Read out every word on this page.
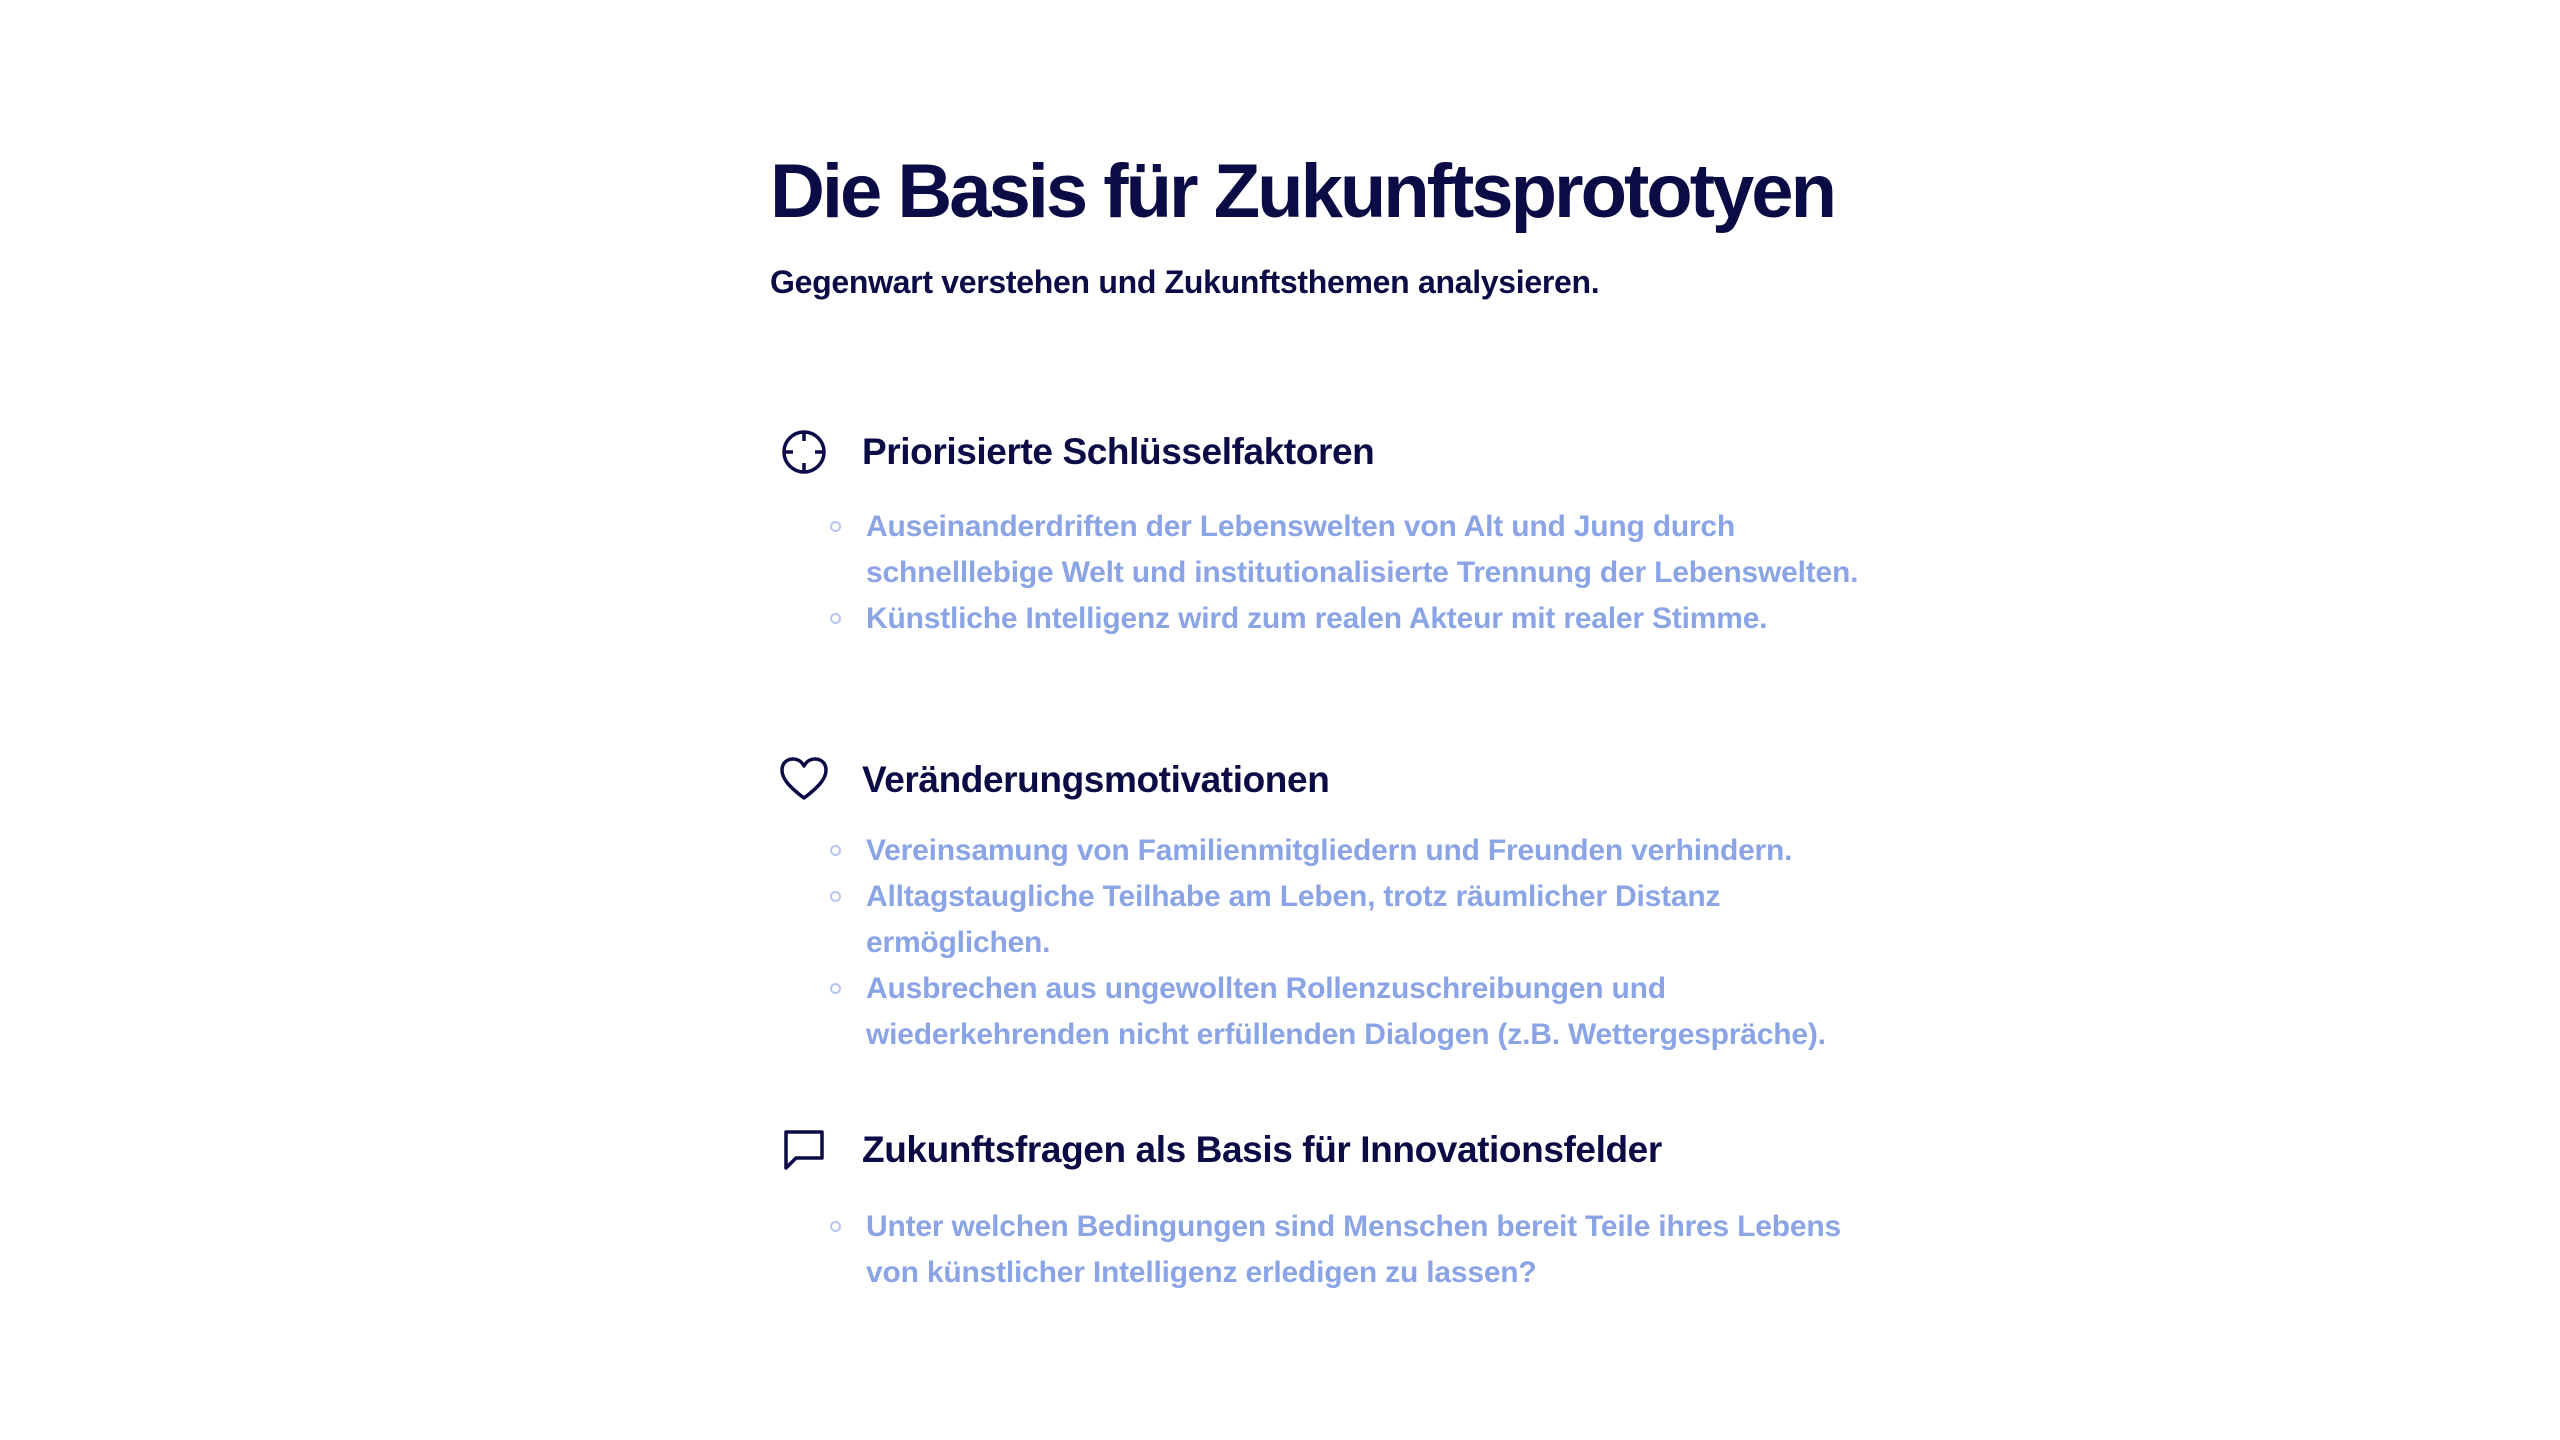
Die Basis für Zukunftsprototyen

Gegenwart verstehen und Zukunftsthemen analysieren.

Priorisierte Schlüsselfaktoren
Auseinanderdriften der Lebenswelten von Alt und Jung durch schnelllebige Welt und institutionalisierte Trennung der Lebenswelten.
Künstliche Intelligenz wird zum realen Akteur mit realer Stimme.
Veränderungsmotivationen
Vereinsamung von Familienmitgliedern und Freunden verhindern.
Alltagstaugliche Teilhabe am Leben, trotz räumlicher Distanz ermöglichen.
Ausbrechen aus ungewollten Rollenzuschreibungen und wiederkehrenden nicht erfüllenden Dialogen (z.B. Wettergespräche).
Zukunftsfragen als Basis für Innovationsfelder
Unter welchen Bedingungen sind Menschen bereit Teile ihres Lebens von künstlicher Intelligenz erledigen zu lassen?
